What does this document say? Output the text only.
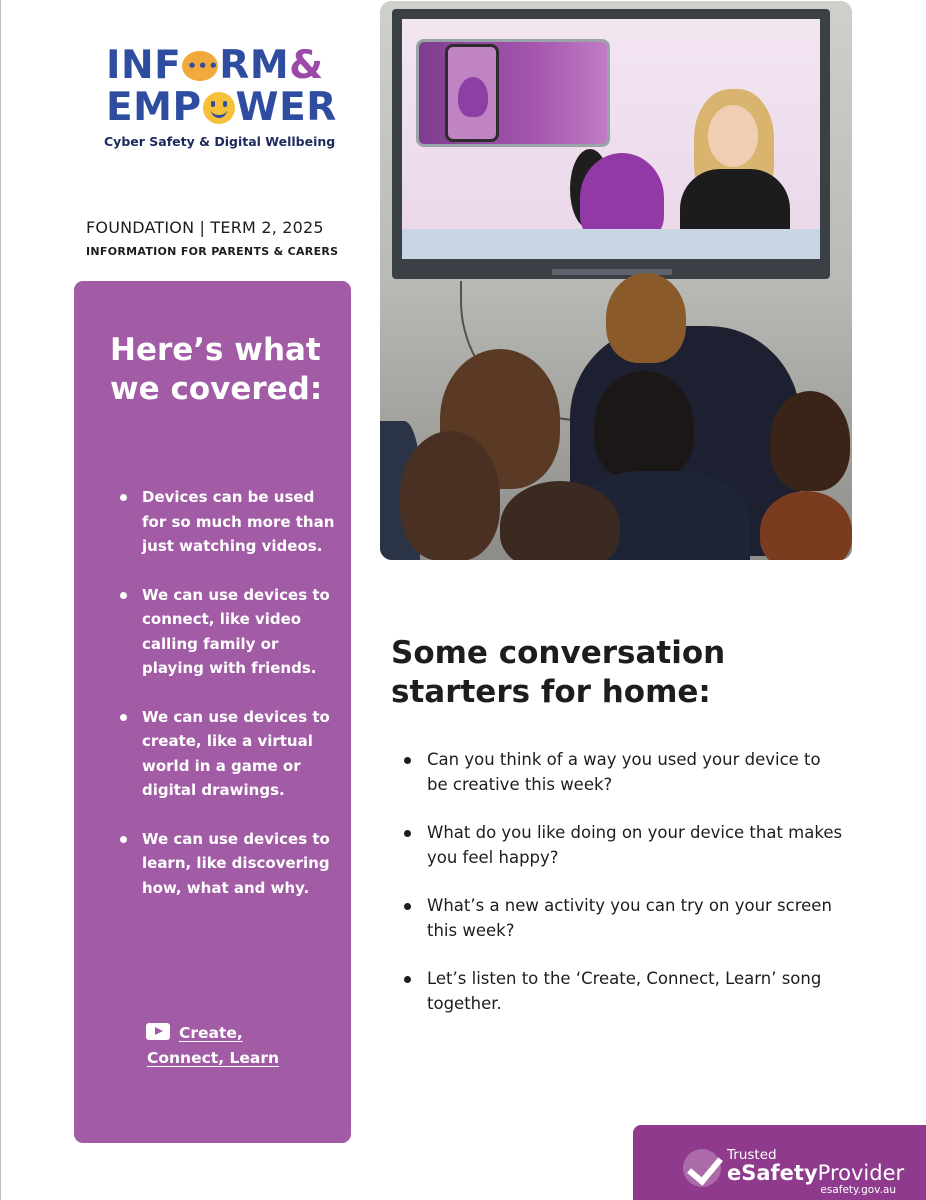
INF
••• RM &
EMP WER
Cyber Safety & Digital Wellbeing
FOUNDATION | TERM 2, 2025
INFORMATION FOR PARENTS & CARERS
Here’s what we covered:
Devices can be used for so much more than just watching videos.
We can use devices to connect, like video calling family or playing with friends.
We can use devices to create, like a virtual world in a game or digital drawings.
We can use devices to learn, like discovering how, what and why.
Create,
Connect, Learn
Some conversation starters for home:
Can you think of a way you used your device to be creative this week?
What do you like doing on your device that makes you feel happy?
What’s a new activity you can try on your screen this week?
Let’s listen to the ‘Create, Connect, Learn’ song together.
Trusted
eSafetyProvider
esafety.gov.au
